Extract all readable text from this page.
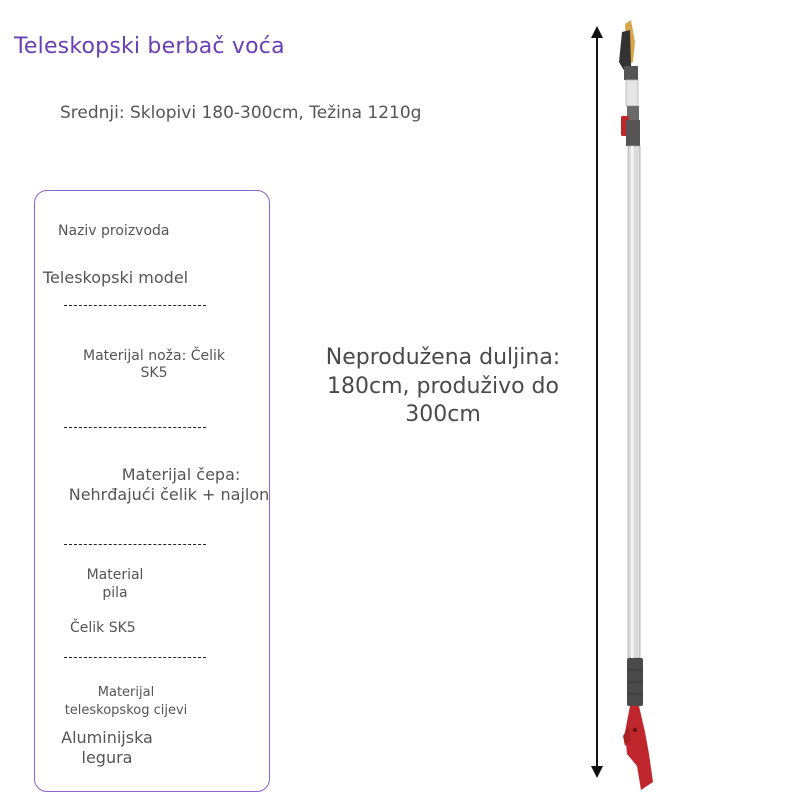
Teleskopski berbač voća
Srednji: Sklopivi 180-300cm, Težina 1210g
Naziv proizvoda
Teleskopski model
Materijal noža: Čelik SK5
Materijal čepa:
Nehrđajući čelik + najlon
Material pila
Čelik SK5
Materijal teleskopskog cijevi
Aluminijska legura
Neprodužena duljina: 180cm, produživo do 300cm
